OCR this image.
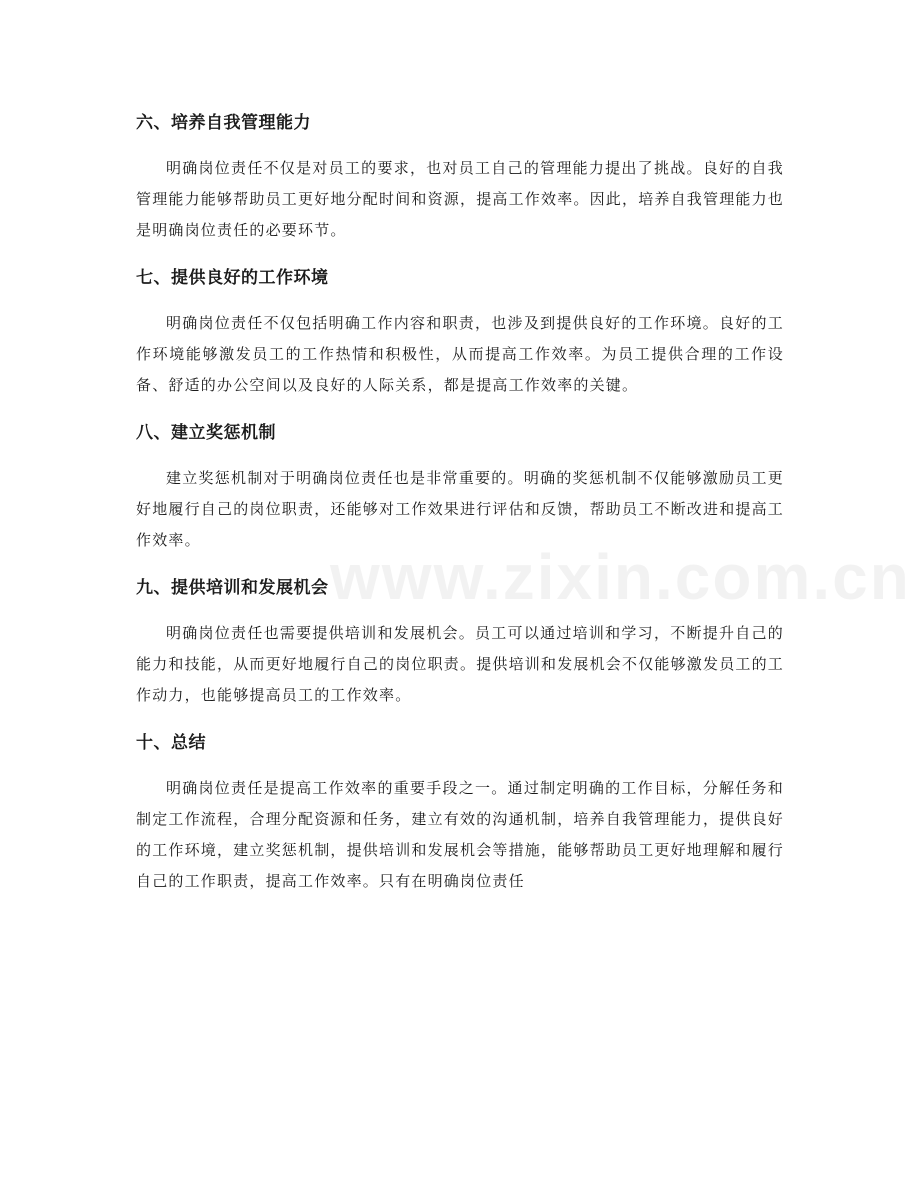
www.zixin.com.cn
六、培养自我管理能力

明确岗位责任不仅是对员工的要求，也对员工自己的管理能力提出了挑战。良好的自我管理能力能够帮助员工更好地分配时间和资源，提高工作效率。因此，培养自我管理能力也是明确岗位责任的必要环节。

七、提供良好的工作环境

明确岗位责任不仅包括明确工作内容和职责，也涉及到提供良好的工作环境。良好的工作环境能够激发员工的工作热情和积极性，从而提高工作效率。为员工提供合理的工作设备、舒适的办公空间以及良好的人际关系，都是提高工作效率的关键。

八、建立奖惩机制

建立奖惩机制对于明确岗位责任也是非常重要的。明确的奖惩机制不仅能够激励员工更好地履行自己的岗位职责，还能够对工作效果进行评估和反馈，帮助员工不断改进和提高工作效率。

九、提供培训和发展机会

明确岗位责任也需要提供培训和发展机会。员工可以通过培训和学习，不断提升自己的能力和技能，从而更好地履行自己的岗位职责。提供培训和发展机会不仅能够激发员工的工作动力，也能够提高员工的工作效率。

十、总结

明确岗位责任是提高工作效率的重要手段之一。通过制定明确的工作目标，分解任务和制定工作流程，合理分配资源和任务，建立有效的沟通机制，培养自我管理能力，提供良好的工作环境，建立奖惩机制，提供培训和发展机会等措施，能够帮助员工更好地理解和履行自己的工作职责，提高工作效率。只有在明确岗位责任
